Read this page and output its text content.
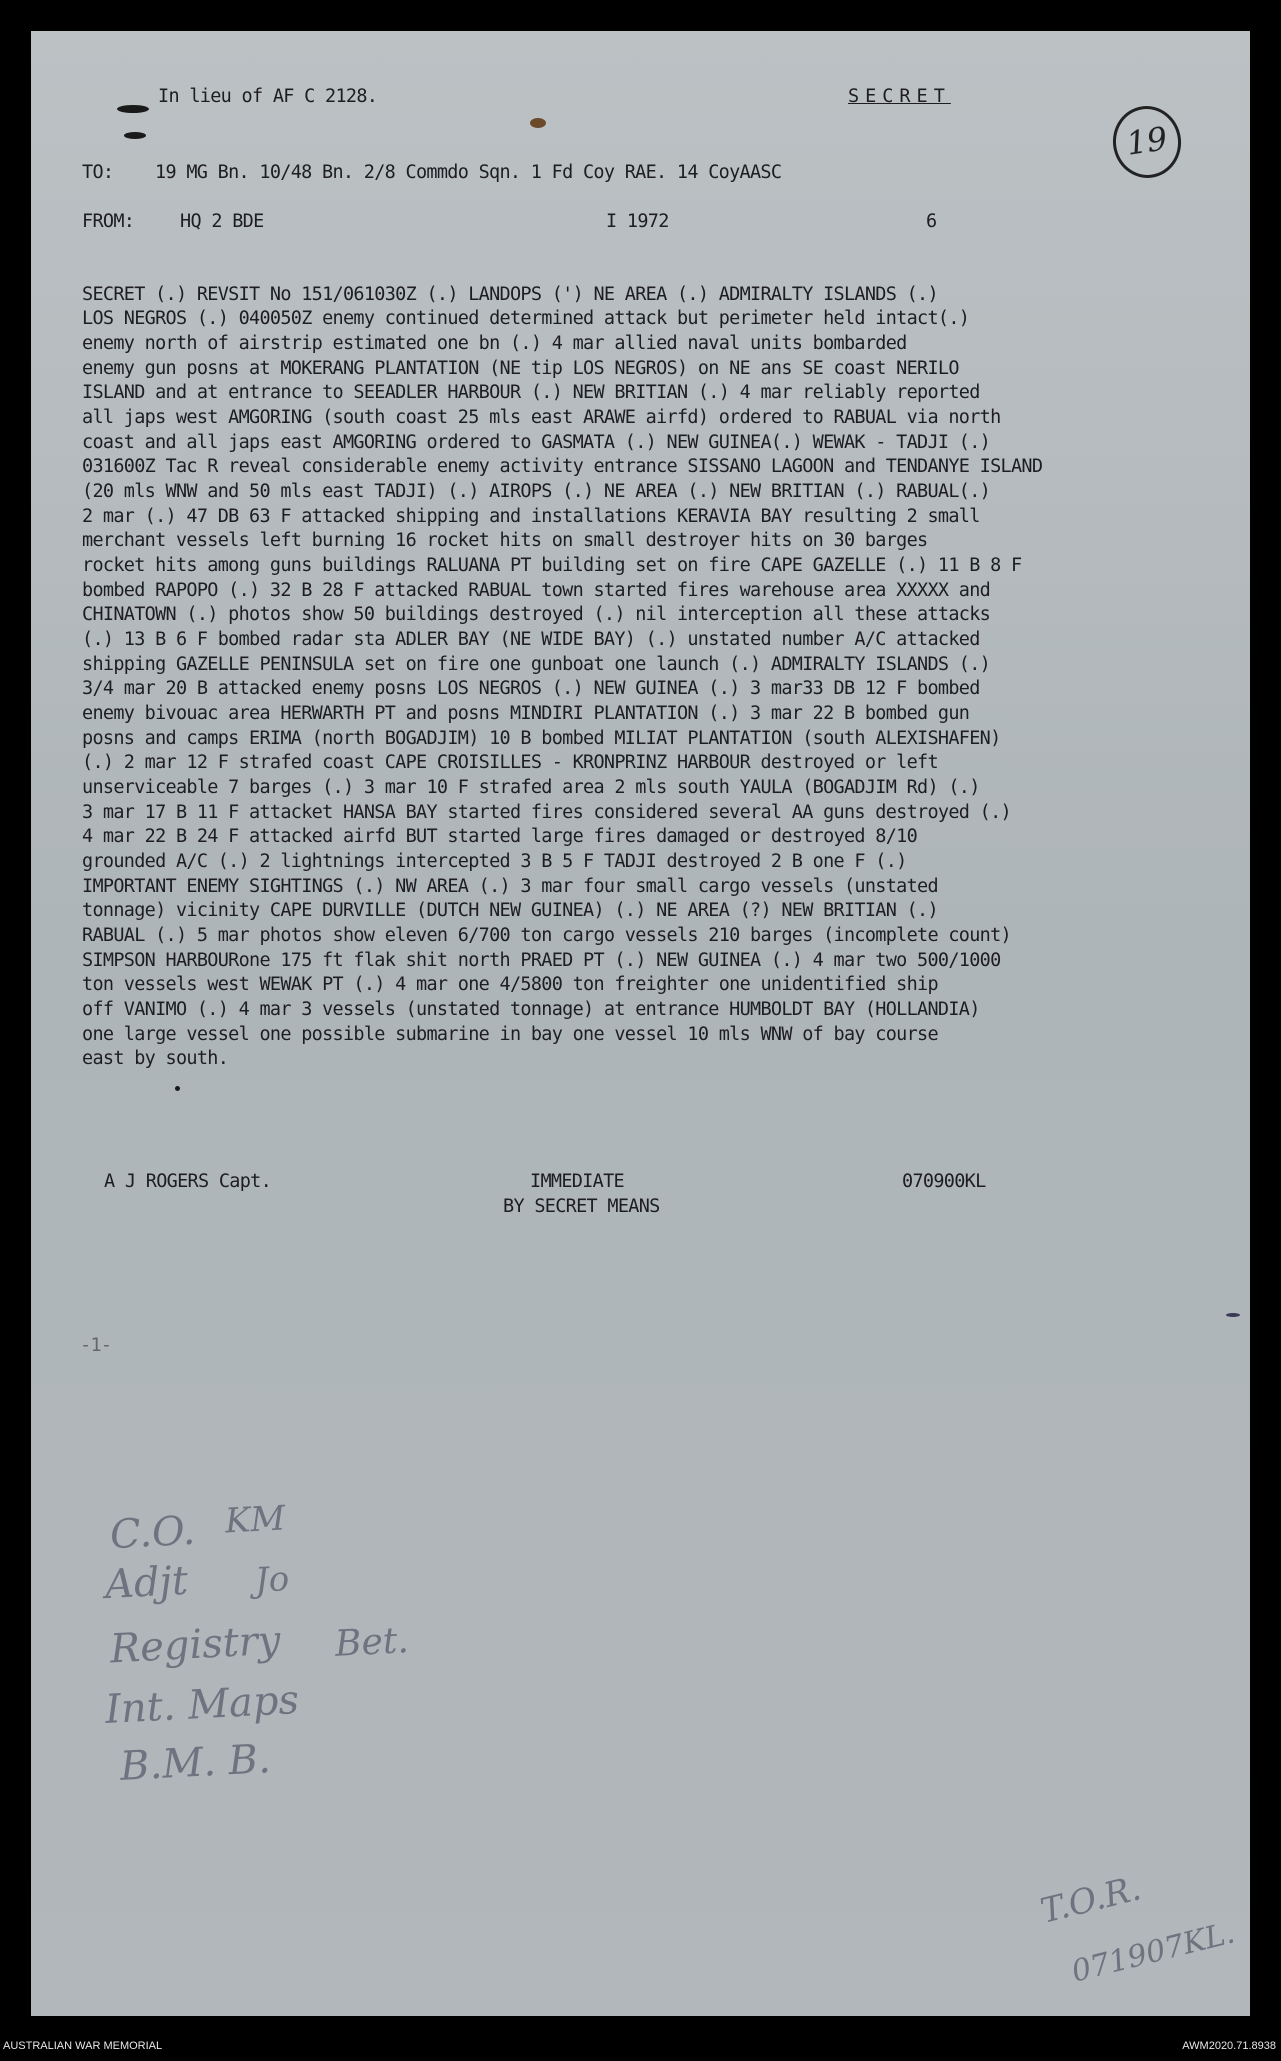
In lieu of AF C 2128.	SECRET
19
TO: 19 MG Bn. 10/48 Bn. 2/8 Commdo Sqn. 1 Fd Coy RAE. 14 CoyAASC
FROM: HQ 2 BDE	I 1972	6
SECRET (.) REVSIT No 151/061030Z (.) LANDOPS (') NE AREA (.) ADMIRALTY ISLANDS (.)
LOS NEGROS (.) 040050Z enemy continued determined attack but perimeter held intact(.)
enemy north of airstrip estimated one bn (.) 4 mar allied naval units bombarded
enemy gun posns at MOKERANG PLANTATION (NE tip LOS NEGROS) on NE ans SE coast NERILO
ISLAND and at entrance to SEEADLER HARBOUR (.) NEW BRITIAN (.) 4 mar reliably reported
all japs west AMGORING (south coast 25 mls east ARAWE airfd) ordered to RABUAL via north
coast and all japs east AMGORING ordered to GASMATA (.) NEW GUINEA(.) WEWAK - TADJI (.)
031600Z Tac R reveal considerable enemy activity entrance SISSANO LAGOON and TENDANYE ISLAND
(20 mls WNW and 50 mls east TADJI) (.) AIROPS (.) NE AREA (.) NEW BRITIAN (.) RABUAL(.)
2 mar (.) 47 DB 63 F attacked shipping and installations KERAVIA BAY resulting 2 small
merchant vessels left burning 16 rocket hits on small destroyer hits on 30 barges
rocket hits among guns buildings RALUANA PT building set on fire CAPE GAZELLE (.) 11 B 8 F
bombed RAPOPO (.) 32 B 28 F attacked RABUAL town started fires warehouse area XXXXX and
CHINATOWN (.) photos show 50 buildings destroyed (.) nil interception all these attacks
(.) 13 B 6 F bombed radar sta ADLER BAY (NE WIDE BAY) (.) unstated number A/C attacked
shipping GAZELLE PENINSULA set on fire one gunboat one launch (.) ADMIRALTY ISLANDS (.)
3/4 mar 20 B attacked enemy posns LOS NEGROS (.) NEW GUINEA (.) 3 mar33 DB 12 F bombed
enemy bivouac area HERWARTH PT and posns MINDIRI PLANTATION (.) 3 mar 22 B bombed gun
posns and camps ERIMA (north BOGADJIM) 10 B bombed MILIAT PLANTATION (south ALEXISHAFEN)
(.) 2 mar 12 F strafed coast CAPE CROISILLES - KRONPRINZ HARBOUR destroyed or left
unserviceable 7 barges (.) 3 mar 10 F strafed area 2 mls south YAULA (BOGADJIM Rd) (.)
3 mar 17 B 11 F attacket HANSA BAY started fires considered several AA guns destroyed (.)
4 mar 22 B 24 F attacked airfd BUT started large fires damaged or destroyed 8/10
grounded A/C (.) 2 lightnings intercepted 3 B 5 F TADJI destroyed 2 B one F (.)
IMPORTANT ENEMY SIGHTINGS (.) NW AREA (.) 3 mar four small cargo vessels (unstated
tonnage) vicinity CAPE DURVILLE (DUTCH NEW GUINEA) (.) NE AREA (?) NEW BRITIAN (.)
RABUAL (.) 5 mar photos show eleven 6/700 ton cargo vessels 210 barges (incomplete count)
SIMPSON HARBOURone 175 ft flak shit north PRAED PT (.) NEW GUINEA (.) 4 mar two 500/1000
ton vessels west WEWAK PT (.) 4 mar one 4/5800 ton freighter one unidentified ship
off VANIMO (.) 4 mar 3 vessels (unstated tonnage) at entrance HUMBOLDT BAY (HOLLANDIA)
one large vessel one possible submarine in bay one vessel 10 mls WNW of bay course
east by south.
A J ROGERS Capt.	IMMEDIATE
BY SECRET MEANS
070900KL
-1-
C.O. KM
Adjt Jo
Registry Bet.
Int. Maps
B.M. B.
T.O.R.
071907KL.
AUSTRALIAN WAR MEMORIAL	AWM2020.71.8938
